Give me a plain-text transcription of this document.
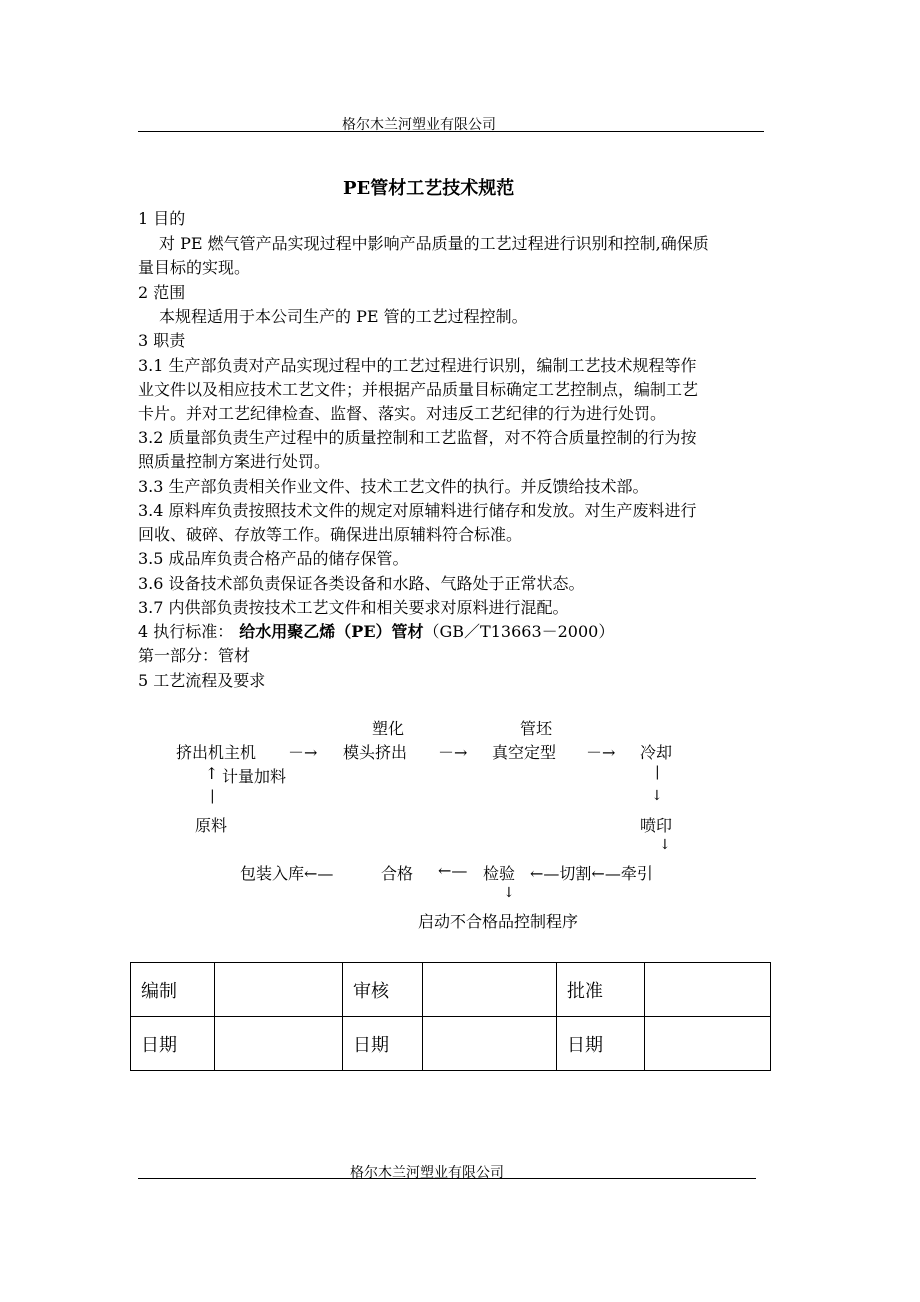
格尔木兰河塑业有限公司
PE管材工艺技术规范
1 目的
对 PE 燃气管产品实现过程中影响产品质量的工艺过程进行识别和控制,确保质
量目标的实现。
2 范围
本规程适用于本公司生产的 PE 管的工艺过程控制。
3 职责
3.1 生产部负责对产品实现过程中的工艺过程进行识别，编制工艺技术规程等作
业文件以及相应技术工艺文件；并根据产品质量目标确定工艺控制点，编制工艺
卡片。并对工艺纪律检查、监督、落实。对违反工艺纪律的行为进行处罚。
3.2 质量部负责生产过程中的质量控制和工艺监督，对不符合质量控制的行为按
照质量控制方案进行处罚。
3.3 生产部负责相关作业文件、技术工艺文件的执行。并反馈给技术部。
3.4 原料库负责按照技术文件的规定对原辅料进行储存和发放。对生产废料进行
回收、破碎、存放等工作。确保进出原辅料符合标准。
3.5 成品库负责合格产品的储存保管。
3.6 设备技术部负责保证各类设备和水路、气路处于正常状态。
3.7 内供部负责按技术工艺文件和相关要求对原料进行混配。
4 执行标准： 给水用聚乙烯（PE）管材（GB／T13663－2000）
第一部分：管材
5 工艺流程及要求
塑化	管坯
挤出机主机 －→ 模头挤出 －→ 真空定型 －→ 冷却
↑ 计量加料	|
|	↓
原料	喷印
↓
包装入库←—	合格 ←— 检验 ←—切割←—牵引
↓
启动不合格品控制程序
编制		审核		批准	
日期		日期		日期	
格尔木兰河塑业有限公司
